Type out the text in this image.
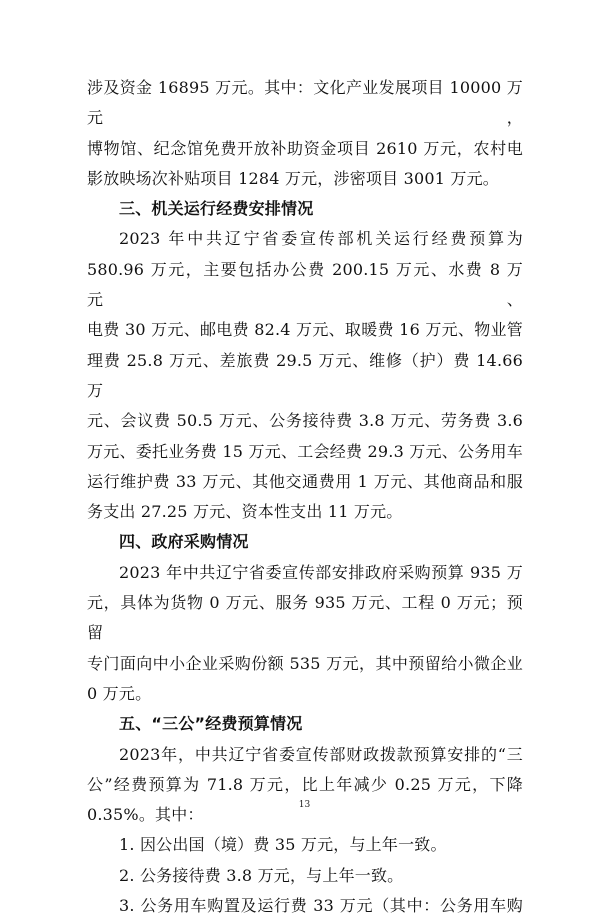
涉及资金 16895 万元。其中：文化产业发展项目 10000 万元，
博物馆、纪念馆免费开放补助资金项目 2610 万元，农村电
影放映场次补贴项目 1284 万元，涉密项目 3001 万元。
三、机关运行经费安排情况
2023 年中共辽宁省委宣传部机关运行经费预算为
580.96 万元，主要包括办公费 200.15 万元、水费 8 万元、
电费 30 万元、邮电费 82.4 万元、取暖费 16 万元、物业管
理费 25.8 万元、差旅费 29.5 万元、维修（护）费 14.66 万
元、会议费 50.5 万元、公务接待费 3.8 万元、劳务费 3.6
万元、委托业务费 15 万元、工会经费 29.3 万元、公务用车
运行维护费 33 万元、其他交通费用 1 万元、其他商品和服
务支出 27.25 万元、资本性支出 11 万元。
四、政府采购情况
2023 年中共辽宁省委宣传部安排政府采购预算 935 万
元，具体为货物 0 万元、服务 935 万元、工程 0 万元；预留
专门面向中小企业采购份额 535 万元，其中预留给小微企业
0 万元。
五、“三公”经费预算情况
2023年，中共辽宁省委宣传部财政拨款预算安排的“三
公”经费预算为 71.8 万元，比上年减少 0.25 万元，下降
0.35%。其中：
1. 因公出国（境）费 35 万元，与上年一致。
2. 公务接待费 3.8 万元，与上年一致。
3. 公务用车购置及运行费 33 万元（其中：公务用车购
13
